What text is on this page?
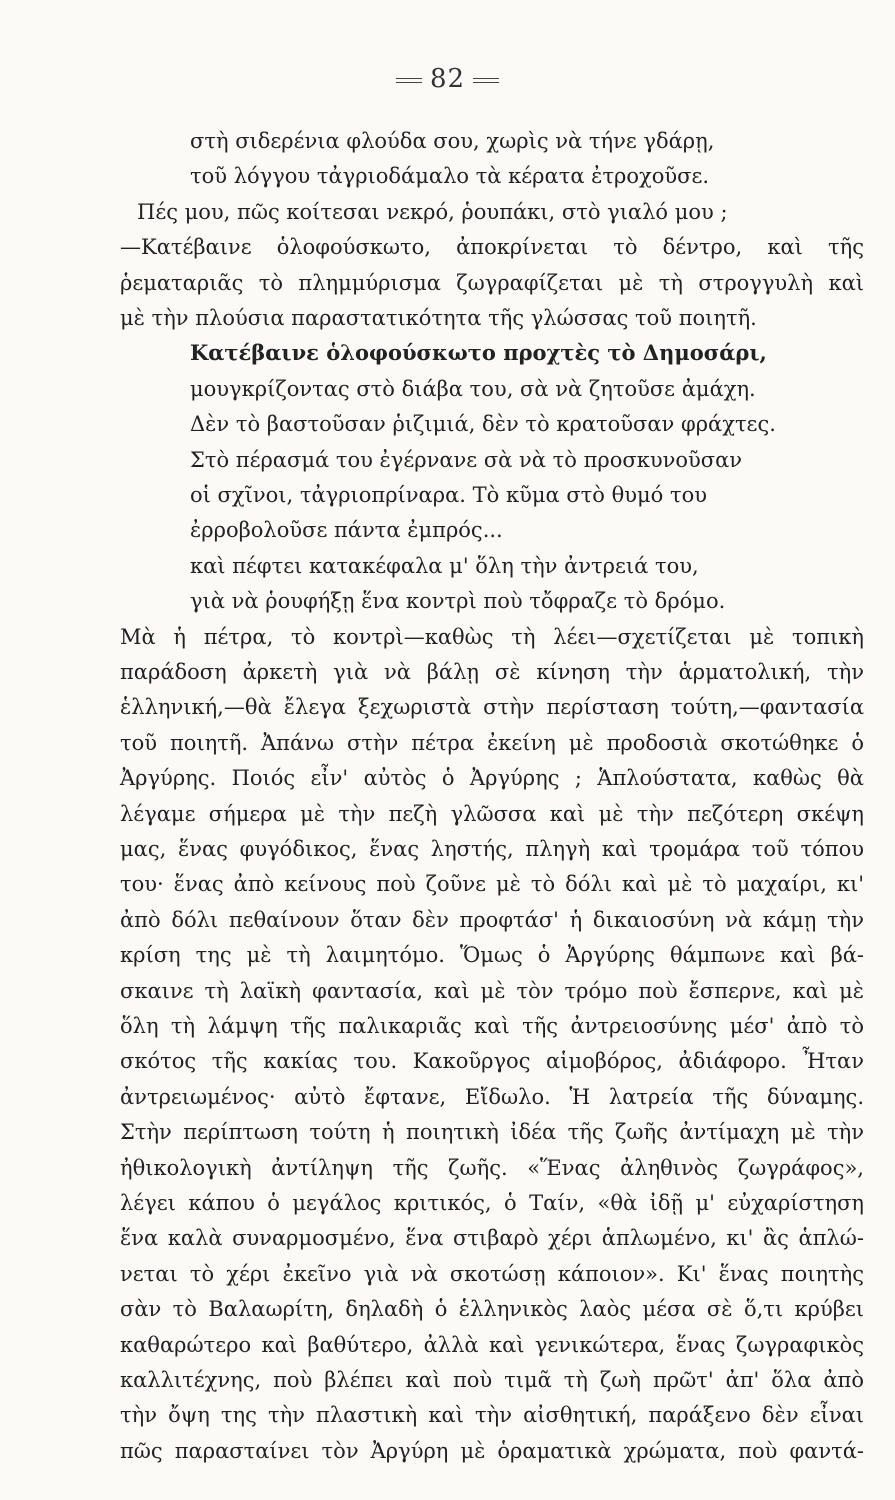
82
στὴ σιδερένια φλούδα σου, χωρὶς νὰ τήνε γδάρῃ,
τοῦ λόγγου τἀγριοδάμαλο τὰ κέρατα ἐτροχοῦσε.
Πές μου, πῶς κοίτεσαι νεκρό, ῥουπάκι, στὸ γιαλό μου ;
—Κατέβαινε ὁλοφούσκωτο, ἀποκρίνεται τὸ δέντρο, καὶ τῆς
ῥεματαριᾶς τὸ πλημμύρισμα ζωγραφίζεται μὲ τὴ στρογγυλὴ καὶ
μὲ τὴν πλούσια παραστατικότητα τῆς γλώσσας τοῦ ποιητῆ.
Κατέβαινε ὁλοφούσκωτο προχτὲς τὸ Δημοσάρι,
μουγκρίζοντας στὸ διάβα του, σὰ νὰ ζητοῦσε ἀμάχη.
Δὲν τὸ βαστοῦσαν ῥιζιμιά, δὲν τὸ κρατοῦσαν φράχτες.
Στὸ πέρασμά του ἐγέρνανε σὰ νὰ τὸ προσκυνοῦσαν
οἱ σχῖνοι, τἀγριοπρίναρα. Τὸ κῦμα στὸ θυμό του
ἐρροβολοῦσε πάντα ἐμπρός...
καὶ πέφτει κατακέφαλα μ' ὅλη τὴν ἀντρειά του,
γιὰ νὰ ῥουφήξῃ ἕνα κοντρὶ ποὺ τὄφραζε τὸ δρόμο.
Μὰ ἡ πέτρα, τὸ κοντρὶ—καθὼς τὴ λέει—σχετίζεται μὲ τοπικὴ
παράδοση ἀρκετὴ γιὰ νὰ βάλῃ σὲ κίνηση τὴν ἁρματολική, τὴν
ἑλληνική,—θὰ ἔλεγα ξεχωριστὰ στὴν περίσταση τούτη,—φαντασία
τοῦ ποιητῆ. Ἀπάνω στὴν πέτρα ἐκείνη μὲ προδοσιὰ σκοτώθηκε ὁ
Ἀργύρης. Ποιός εἶν' αὐτὸς ὁ Ἀργύρης ; Ἁπλούστατα, καθὼς θὰ
λέγαμε σήμερα μὲ τὴν πεζὴ γλῶσσα καὶ μὲ τὴν πεζότερη σκέψη
μας, ἕνας φυγόδικος, ἕνας ληστής, πληγὴ καὶ τρομάρα τοῦ τόπου
του· ἕνας ἀπὸ κείνους ποὺ ζοῦνε μὲ τὸ δόλι καὶ μὲ τὸ μαχαίρι, κι'
ἀπὸ δόλι πεθαίνουν ὅταν δὲν προφτάσ' ἡ δικαιοσύνη νὰ κάμῃ τὴν
κρίση της μὲ τὴ λαιμητόμο. Ὅμως ὁ Ἀργύρης θάμπωνε καὶ βά-
σκαινε τὴ λαϊκὴ φαντασία, καὶ μὲ τὸν τρόμο ποὺ ἔσπερνε, καὶ μὲ
ὅλη τὴ λάμψη τῆς παλικαριᾶς καὶ τῆς ἀντρειοσύνης μέσ' ἀπὸ τὸ
σκότος τῆς κακίας του. Κακοῦργος αἱμοβόρος, ἀδιάφορο. Ἦταν
ἀντρειωμένος· αὐτὸ ἔφτανε, Εἴδωλο. Ἡ λατρεία τῆς δύναμης.
Στὴν περίπτωση τούτη ἡ ποιητικὴ ἰδέα τῆς ζωῆς ἀντίμαχη μὲ τὴν
ἠθικολογικὴ ἀντίληψη τῆς ζωῆς. «Ἕνας ἀληθινὸς ζωγράφος»,
λέγει κάπου ὁ μεγάλος κριτικός, ὁ Ταίν, «θὰ ἰδῇ μ' εὐχαρίστηση
ἕνα καλὰ συναρμοσμένο, ἕνα στιβαρὸ χέρι ἁπλωμένο, κι' ἂς ἁπλώ-
νεται τὸ χέρι ἐκεῖνο γιὰ νὰ σκοτώσῃ κάποιον». Κι' ἕνας ποιητὴς
σὰν τὸ Βαλαωρίτη, δηλαδὴ ὁ ἑλληνικὸς λαὸς μέσα σὲ ὅ,τι κρύβει
καθαρώτερο καὶ βαθύτερο, ἀλλὰ καὶ γενικώτερα, ἕνας ζωγραφικὸς
καλλιτέχνης, ποὺ βλέπει καὶ ποὺ τιμᾶ τὴ ζωὴ πρῶτ' ἀπ' ὅλα ἀπὸ
τὴν ὄψη της τὴν πλαστικὴ καὶ τὴν αἰσθητική, παράξενο δὲν εἶναι
πῶς παρασταίνει τὸν Ἀργύρη μὲ ὁραματικὰ χρώματα, ποὺ φαντά-
